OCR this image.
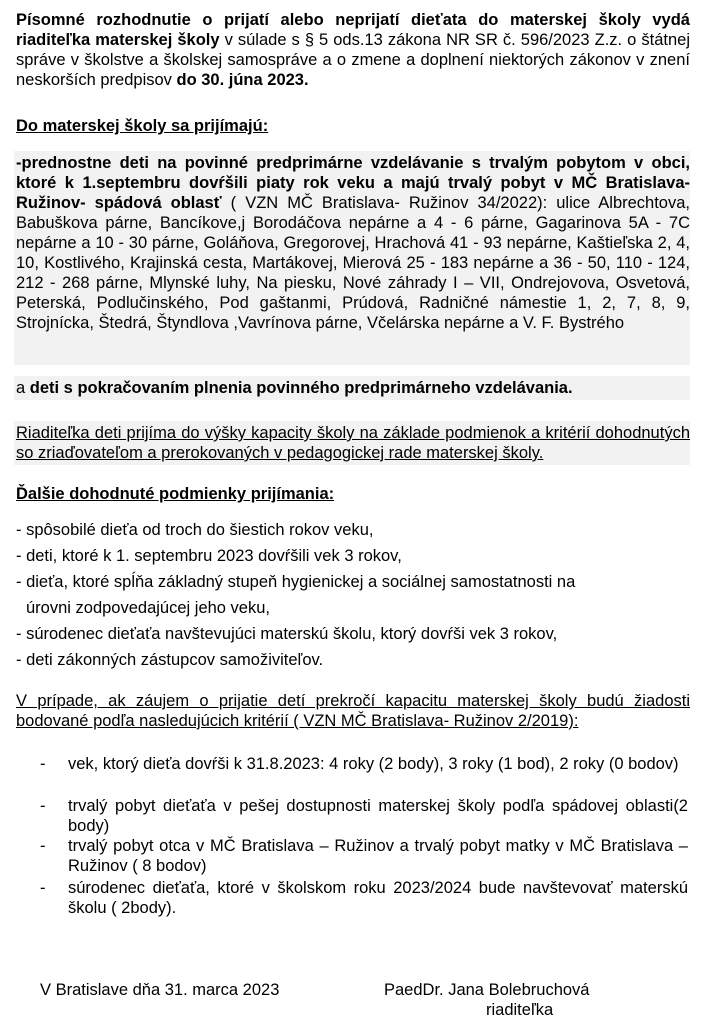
Písomné rozhodnutie o prijatí alebo neprijatí dieťata do materskej školy vydá riaditeľka materskej školy v súlade s § 5 ods.13 zákona NR SR č. 596/2023 Z.z. o štátnej správe v školstve a školskej samospráve a o zmene a doplnení niektorých zákonov v znení neskorších predpisov do 30. júna 2023.
Do materskej školy sa prijímajú:
-prednostne deti na povinné predprimárne vzdelávanie s trvalým pobytom v obci, ktoré k 1.septembru dovŕšili piaty rok veku a majú trvalý pobyt v MČ Bratislava- Ružinov- spádová oblasť ( VZN MČ Bratislava- Ružinov 34/2022): ulice Albrechtova, Babuškova párne, Bancíkove,j Borodáčova nepárne a 4 - 6 párne, Gagarinova 5A - 7C nepárne a 10 - 30 párne, Goláňova, Gregorovej, Hrachová 41 - 93 nepárne, Kaštieľska 2, 4, 10, Kostlivého, Krajinská cesta, Martákovej, Mierová 25 - 183 nepárne a 36 - 50, 110 - 124, 212 - 268 párne, Mlynské luhy, Na piesku, Nové záhrady I – VII, Ondrejovova, Osvetová, Peterská, Podlučinského, Pod gaštanmi, Prúdová, Radničné námestie 1, 2, 7, 8, 9, Strojnícka, Štedrá, Štyndlova ,Vavrínova párne, Včelárska nepárne a V. F. Bystrého
a deti s pokračovaním plnenia povinného predprimárneho vzdelávania.
Riaditeľka deti prijíma do výšky kapacity školy na základe podmienok a kritérií dohodnutých so zriaďovateľom a prerokovaných v pedagogickej rade materskej školy.
Ďalšie dohodnuté podmienky prijímania:
- spôsobilé dieťa od troch do šiestich rokov veku,
- deti, ktoré k 1. septembru 2023 dovŕšili vek 3 rokov,
- dieťa, ktoré spĺňa základný stupeň hygienickej a sociálnej samostatnosti na
úrovni zodpovedajúcej jeho veku,
- súrodenec dieťaťa navštevujúci materskú školu, ktorý dovŕši vek 3 rokov,
- deti zákonných zástupcov samoživiteľov.
V prípade, ak záujem o prijatie detí prekročí kapacitu materskej školy budú žiadosti bodované podľa nasledujúcich kritérií ( VZN MČ Bratislava- Ružinov 2/2019):
- vek, ktorý dieťa dovŕši k 31.8.2023: 4 roky (2 body), 3 roky (1 bod), 2 roky (0 bodov)
- trvalý pobyt dieťaťa v pešej dostupnosti materskej školy podľa spádovej oblasti(2 body)
- trvalý pobyt otca v MČ Bratislava – Ružinov a trvalý pobyt matky v MČ Bratislava – Ružinov ( 8 bodov)
- súrodenec dieťaťa, ktoré v školskom roku 2023/2024 bude navštevovať materskú školu ( 2body).
V Bratislave dňa 31. marca 2023	PaedDr. Jana Bolebruchová
riaditeľka
